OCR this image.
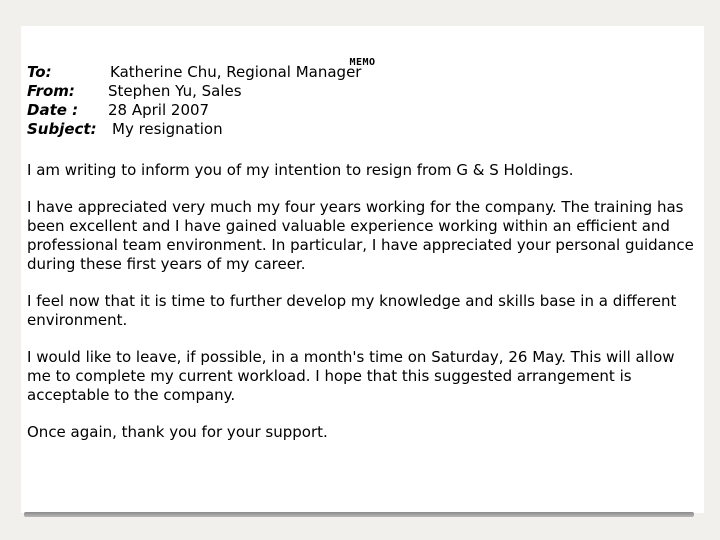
MEMO
To:	Katherine Chu, Regional Manager
From: Stephen Yu, Sales
Date : 28 April 2007
Subject: My resignation

I am writing to inform you of my intention to resign from G & S Holdings.

I have appreciated very much my four years working for the company. The training has been excellent and I have gained valuable experience working within an efficient and professional team environment. In particular, I have appreciated your personal guidance during these first years of my career.

I feel now that it is time to further develop my knowledge and skills base in a different environment.

I would like to leave, if possible, in a month's time on Saturday, 26 May. This will allow me to complete my current workload. I hope that this suggested arrangement is acceptable to the company.

Once again, thank you for your support.
